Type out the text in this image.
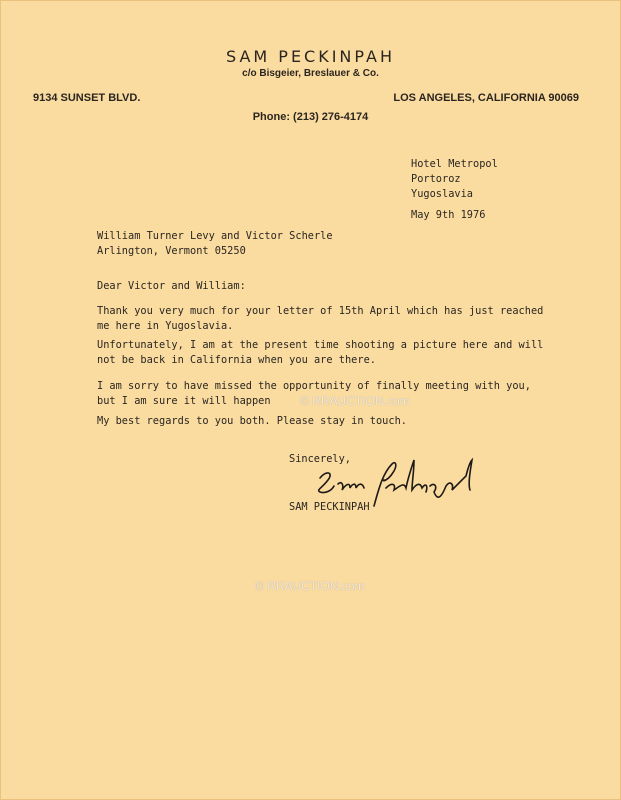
SAM PECKINPAH
c/o Bisgeier, Breslauer & Co.
9134 SUNSET BLVD.	LOS ANGELES, CALIFORNIA 90069
Phone: (213) 276-4174
Hotel Metropol
Portoroz
Yugoslavia
May 9th 1976
William Turner Levy and Victor Scherle
Arlington, Vermont 05250
Dear Victor and William:
Thank you very much for your letter of 15th April which has just reached
me here in Yugoslavia.
Unfortunately, I am at the present time shooting a picture here and will
not be back in California when you are there.
I am sorry to have missed the opportunity of finally meeting with you,
but I am sure it will happen
My best regards to you both. Please stay in touch.
Sincerely,
SAM PECKINPAH
© RRAUCTION.com
© RRAUCTION.com
